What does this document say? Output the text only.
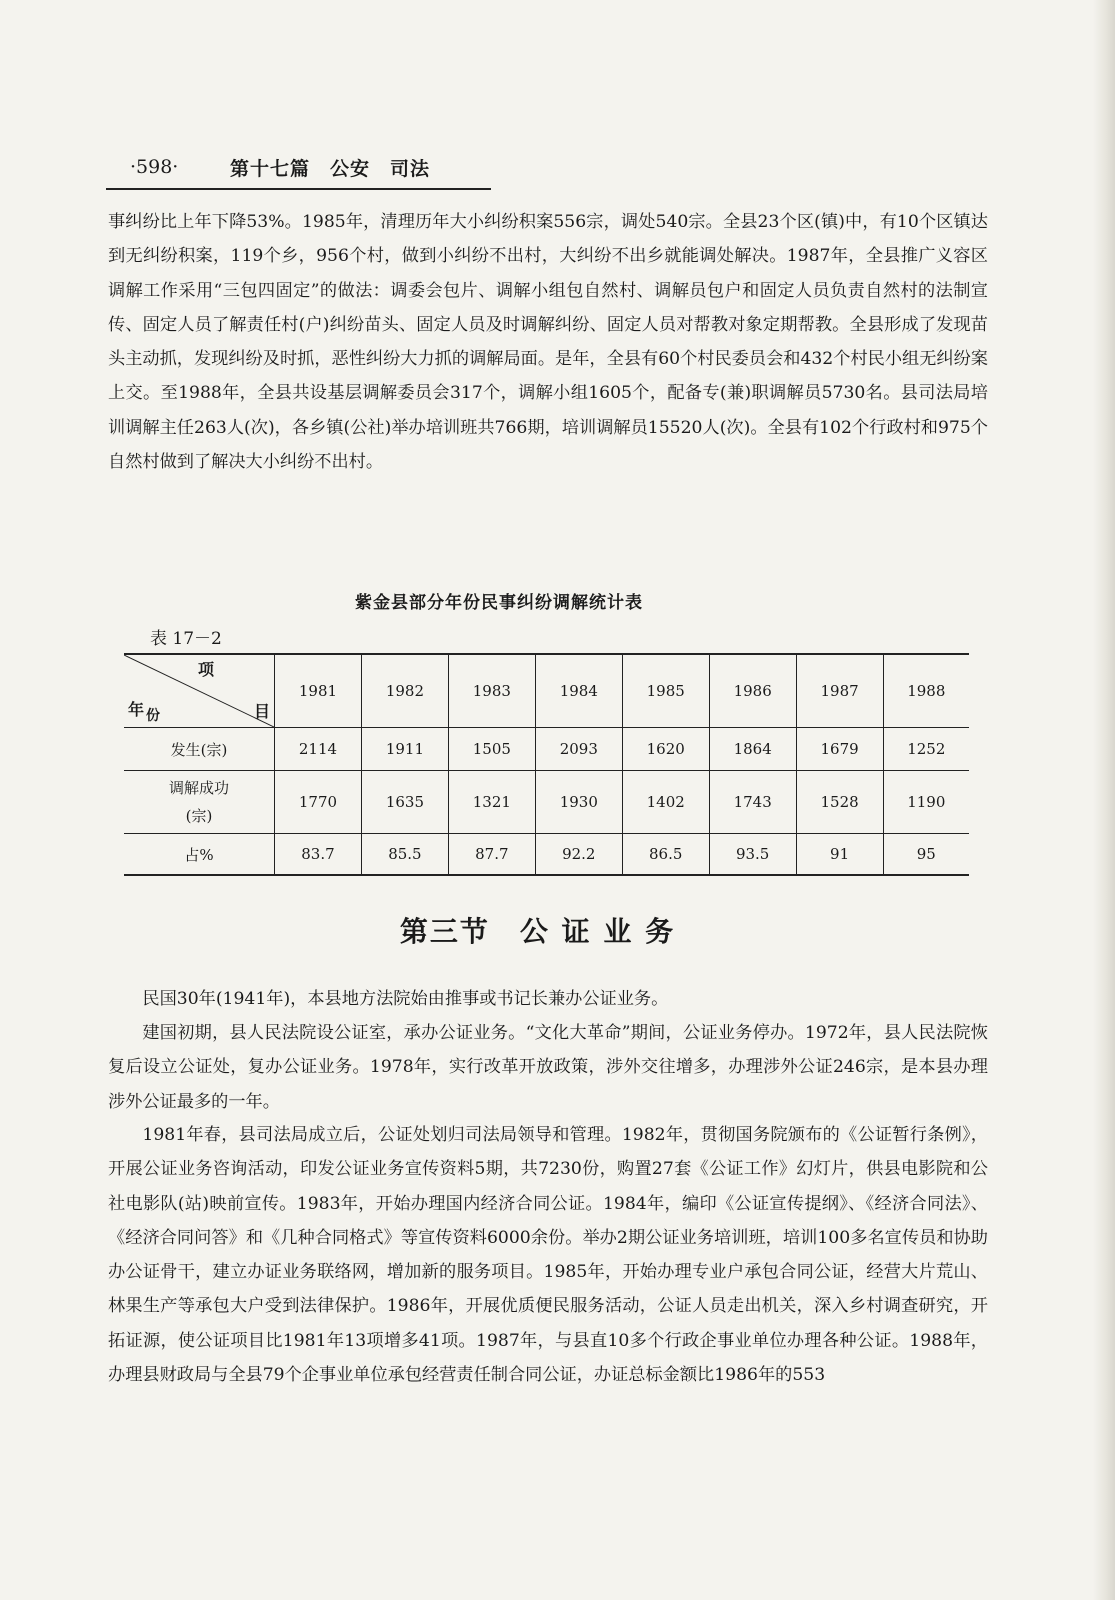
·598·	第十七篇　公安　司法

事纠纷比上年下降53%。1985年，清理历年大小纠纷积案556宗，调处540宗。全县23个区(镇)中，有10个区镇达到无纠纷积案，119个乡，956个村，做到小纠纷不出村，大纠纷不出乡就能调处解决。1987年，全县推广义容区调解工作采用“三包四固定”的做法：调委会包片、调解小组包自然村、调解员包户和固定人员负责自然村的法制宣传、固定人员了解责任村(户)纠纷苗头、固定人员及时调解纠纷、固定人员对帮教对象定期帮教。全县形成了发现苗头主动抓，发现纠纷及时抓，恶性纠纷大力抓的调解局面。是年，全县有60个村民委员会和432个村民小组无纠纷案上交。至1988年，全县共设基层调解委员会317个，调解小组1605个，配备专(兼)职调解员5730名。县司法局培训调解主任263人(次)，各乡镇(公社)举办培训班共766期，培训调解员15520人(次)。全县有102个行政村和975个自然村做到了解决大小纠纷不出村。

紫金县部分年份民事纠纷调解统计表
表 17－2
项
目
年 份	1981	1982	1983	1984	1985	1986	1987	1988
发生(宗)	2114	1911	1505	2093	1620	1864	1679	1252

调解成功
(宗)	1770	1635	1321	1930	1402	1743	1528	1190
占%	83.7	85.5	87.7	92.2	86.5	93.5	91	95
第三节　公 证 业 务

民国30年(1941年)，本县地方法院始由推事或书记长兼办公证业务。

建国初期，县人民法院设公证室，承办公证业务。“文化大革命”期间，公证业务停办。1972年，县人民法院恢复后设立公证处，复办公证业务。1978年，实行改革开放政策，涉外交往增多，办理涉外公证246宗，是本县办理涉外公证最多的一年。

1981年春，县司法局成立后，公证处划归司法局领导和管理。1982年，贯彻国务院颁布的《公证暂行条例》，开展公证业务咨询活动，印发公证业务宣传资料5期，共7230份，购置27套《公证工作》幻灯片，供县电影院和公社电影队(站)映前宣传。1983年，开始办理国内经济合同公证。1984年，编印《公证宣传提纲》、《经济合同法》、《经济合同问答》和《几种合同格式》等宣传资料6000余份。举办2期公证业务培训班，培训100多名宣传员和协助办公证骨干，建立办证业务联络网，增加新的服务项目。1985年，开始办理专业户承包合同公证，经营大片荒山、林果生产等承包大户受到法律保护。1986年，开展优质便民服务活动，公证人员走出机关，深入乡村调查研究，开拓证源，使公证项目比1981年13项增多41项。1987年，与县直10多个行政企事业单位办理各种公证。1988年，办理县财政局与全县79个企事业单位承包经营责任制合同公证，办证总标金额比1986年的553
